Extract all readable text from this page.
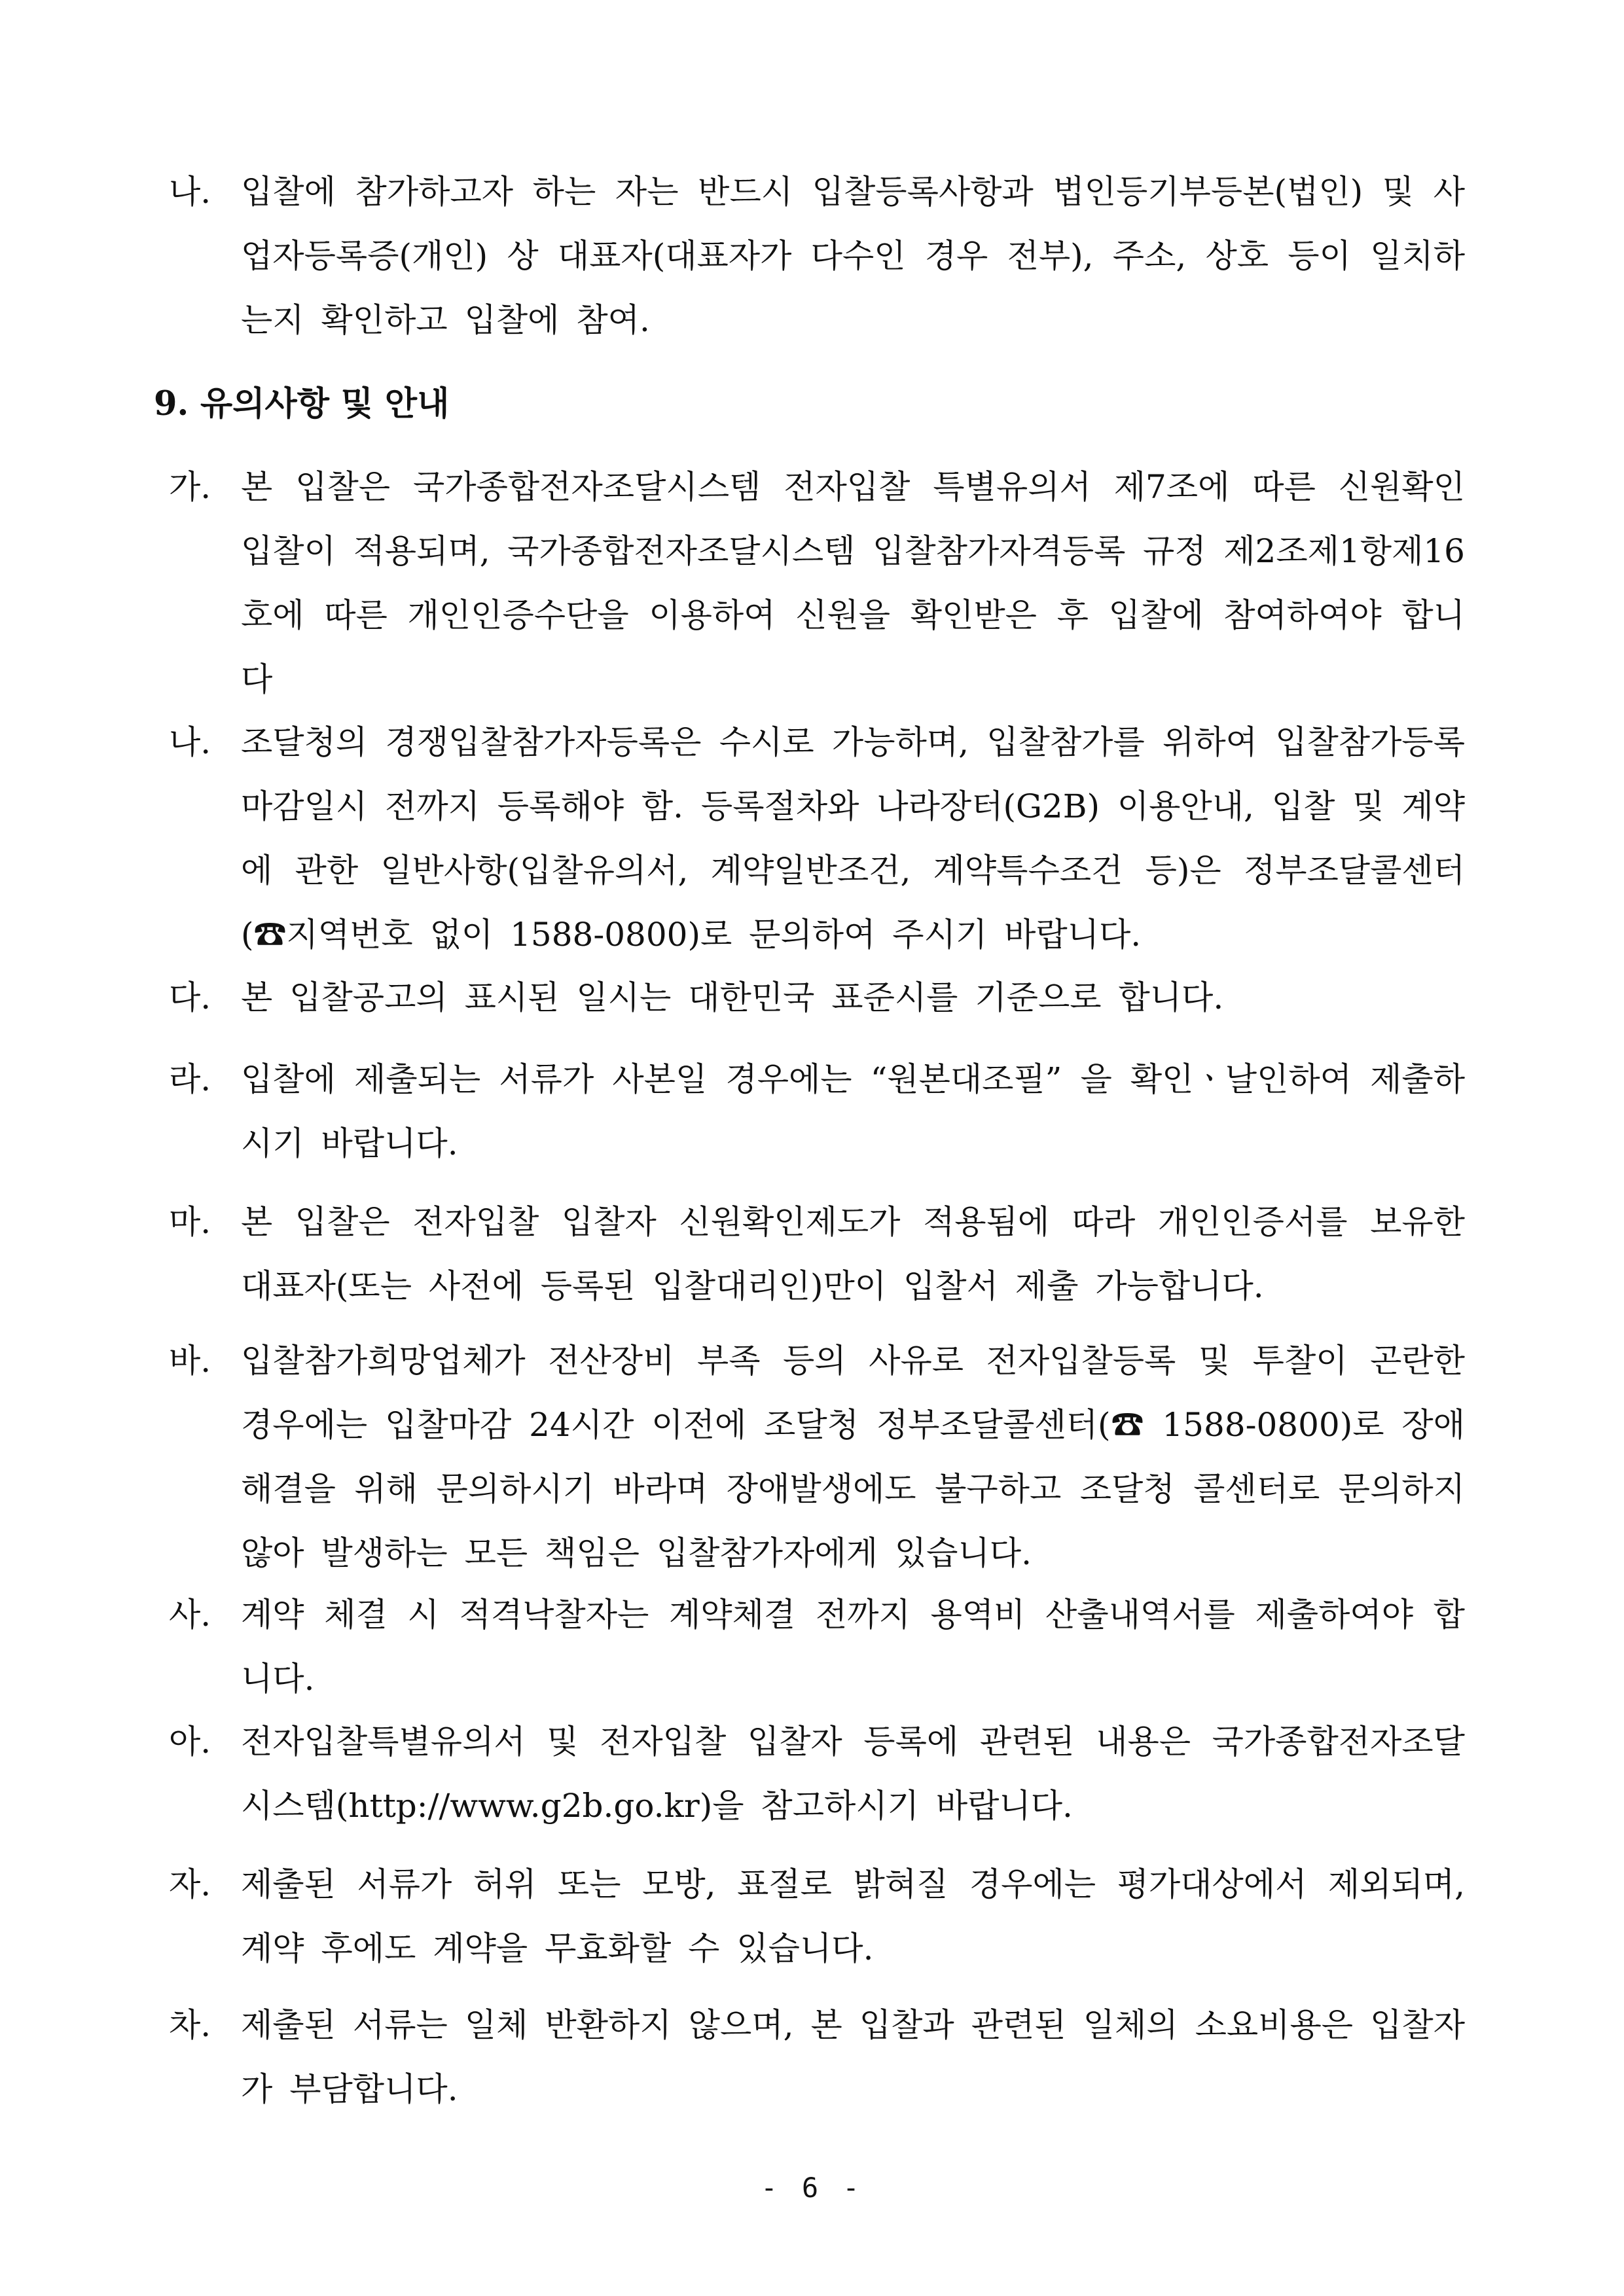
나. 입찰에 참가하고자 하는 자는 반드시 입찰등록사항과 법인등기부등본(법인) 및 사업자등록증(개인) 상 대표자(대표자가 다수인 경우 전부), 주소, 상호 등이 일치하는지 확인하고 입찰에 참여.
9. 유의사항 및 안내
가. 본 입찰은 국가종합전자조달시스템 전자입찰 특별유의서 제7조에 따른 신원확인 입찰이 적용되며, 국가종합전자조달시스템 입찰참가자격등록 규정 제2조제1항제16호에 따른 개인인증수단을 이용하여 신원을 확인받은 후 입찰에 참여하여야 합니다
나. 조달청의 경쟁입찰참가자등록은 수시로 가능하며, 입찰참가를 위하여 입찰참가등록마감일시 전까지 등록해야 함. 등록절차와 나라장터(G2B) 이용안내, 입찰 및 계약에 관한 일반사항(입찰유의서, 계약일반조건, 계약특수조건 등)은 정부조달콜센터(☎지역번호 없이 1588-0800)로 문의하여 주시기 바랍니다.
다. 본 입찰공고의 표시된 일시는 대한민국 표준시를 기준으로 합니다.
라. 입찰에 제출되는 서류가 사본일 경우에는 “원본대조필” 을 확인ㆍ날인하여 제출하시기 바랍니다.
마. 본 입찰은 전자입찰 입찰자 신원확인제도가 적용됨에 따라 개인인증서를 보유한 대표자(또는 사전에 등록된 입찰대리인)만이 입찰서 제출 가능합니다.
바. 입찰참가희망업체가 전산장비 부족 등의 사유로 전자입찰등록 및 투찰이 곤란한 경우에는 입찰마감 24시간 이전에 조달청 정부조달콜센터(☎ 1588-0800)로 장애해결을 위해 문의하시기 바라며 장애발생에도 불구하고 조달청 콜센터로 문의하지 않아 발생하는 모든 책임은 입찰참가자에게 있습니다.
사. 계약 체결 시 적격낙찰자는 계약체결 전까지 용역비 산출내역서를 제출하여야 합니다.
아. 전자입찰특별유의서 및 전자입찰 입찰자 등록에 관련된 내용은 국가종합전자조달시스템(http://www.g2b.go.kr)을 참고하시기 바랍니다.
자. 제출된 서류가 허위 또는 모방, 표절로 밝혀질 경우에는 평가대상에서 제외되며, 계약 후에도 계약을 무효화할 수 있습니다.
차. 제출된 서류는 일체 반환하지 않으며, 본 입찰과 관련된 일체의 소요비용은 입찰자가 부담합니다.
- 6 -
